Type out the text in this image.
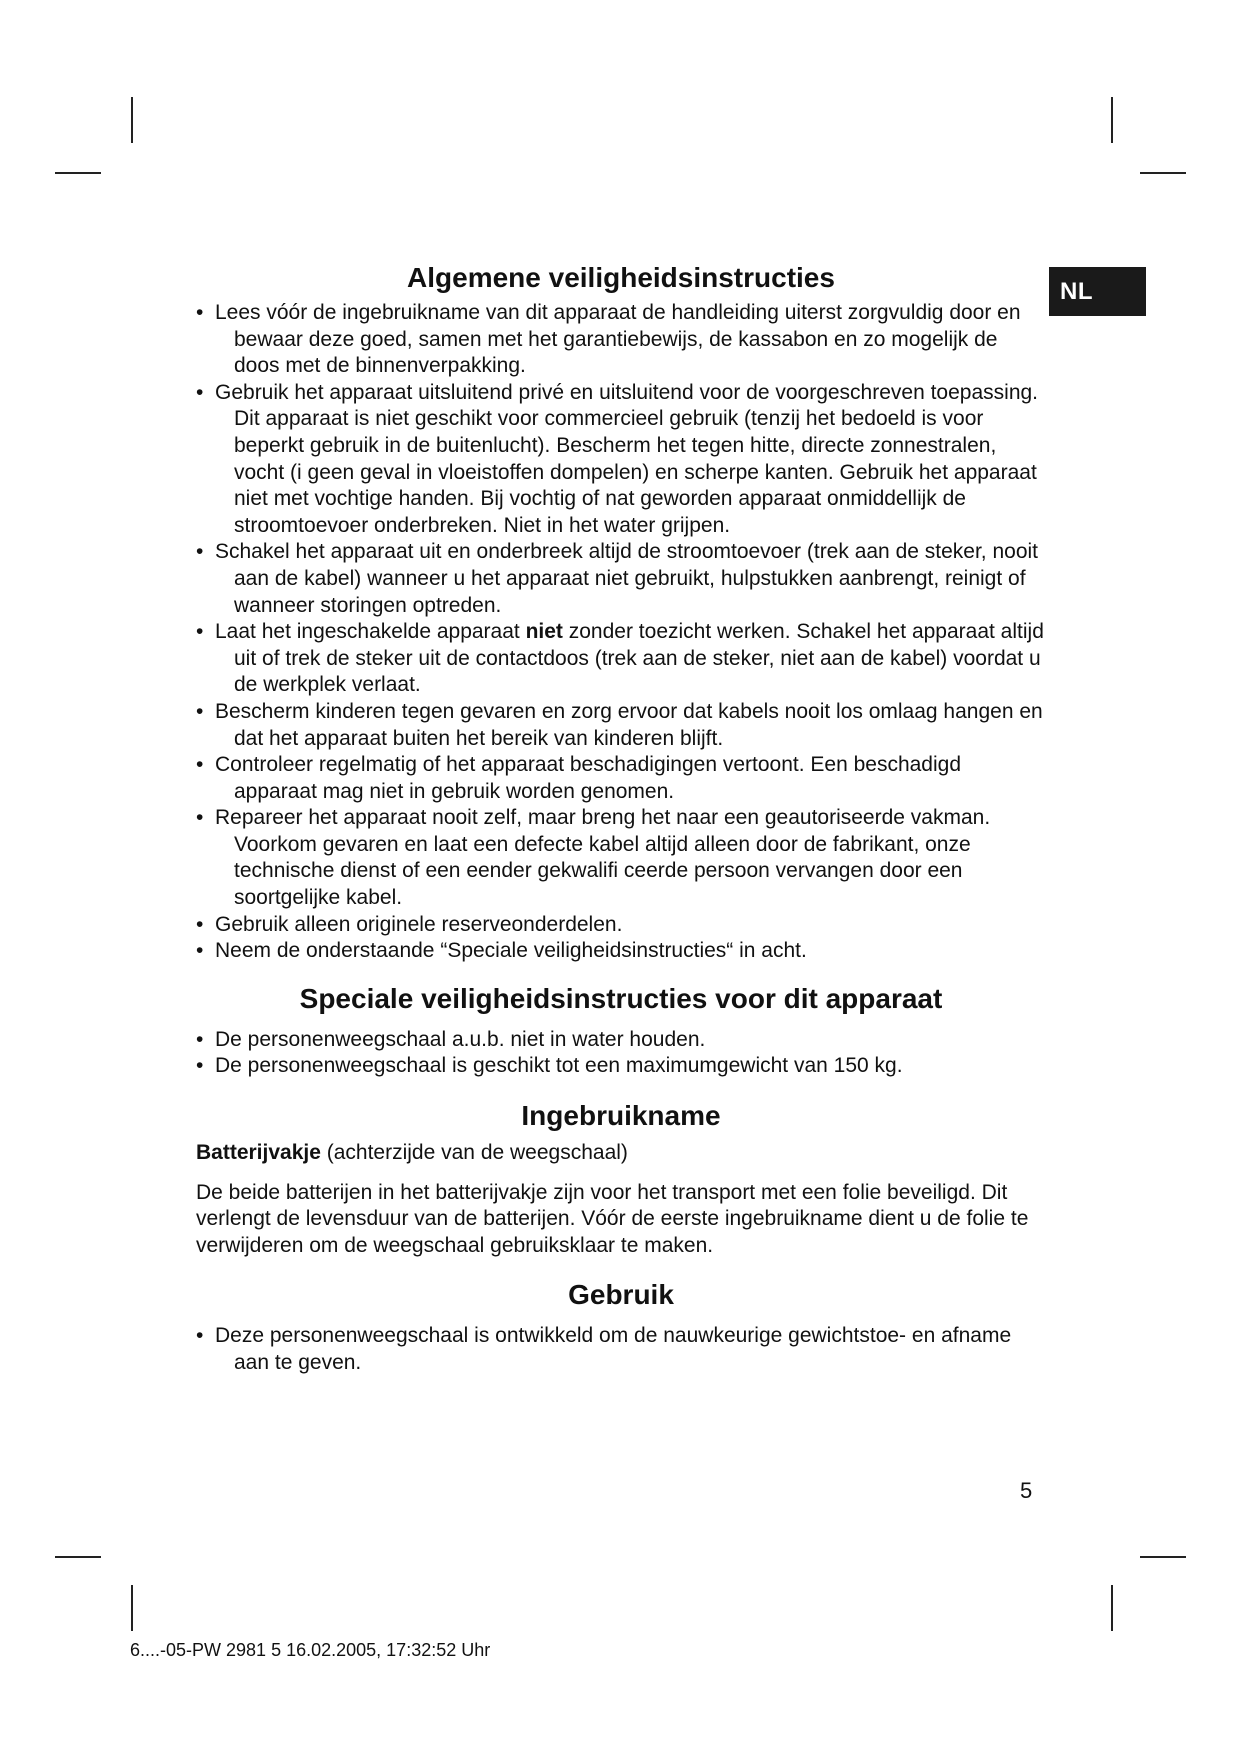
NL
Algemene veiligheidsinstructies
• Lees vóór de ingebruikname van dit apparaat de handleiding uiterst zorgvuldig door en bewaar deze goed, samen met het garantiebewijs, de kassabon en zo mogelijk de doos met de binnenverpakking.
• Gebruik het apparaat uitsluitend privé en uitsluitend voor de voorgeschreven toepassing. Dit apparaat is niet geschikt voor commercieel gebruik (tenzij het bedoeld is voor beperkt gebruik in de buitenlucht). Bescherm het tegen hitte, directe zonnestralen, vocht (i geen geval in vloeistoffen dompelen) en scherpe kanten. Gebruik het apparaat niet met vochtige handen. Bij vochtig of nat geworden apparaat onmiddellijk de stroomtoevoer onderbreken. Niet in het water grijpen.
• Schakel het apparaat uit en onderbreek altijd de stroomtoevoer (trek aan de steker, nooit aan de kabel) wanneer u het apparaat niet gebruikt, hulpstukken aanbrengt, reinigt of wanneer storingen optreden.
• Laat het ingeschakelde apparaat niet zonder toezicht werken. Schakel het apparaat altijd uit of trek de steker uit de contactdoos (trek aan de steker, niet aan de kabel) voordat u de werkplek verlaat.
• Bescherm kinderen tegen gevaren en zorg ervoor dat kabels nooit los omlaag hangen en dat het apparaat buiten het bereik van kinderen blijft.
• Controleer regelmatig of het apparaat beschadigingen vertoont. Een beschadigd apparaat mag niet in gebruik worden genomen.
• Repareer het apparaat nooit zelf, maar breng het naar een geautoriseerde vakman. Voorkom gevaren en laat een defecte kabel altijd alleen door de fabrikant, onze technische dienst of een eender gekwalifi ceerde persoon vervangen door een soortgelijke kabel.
• Gebruik alleen originele reserveonderdelen.
• Neem de onderstaande “Speciale veiligheidsinstructies“ in acht.
Speciale veiligheidsinstructies voor dit apparaat
• De personenweegschaal a.u.b. niet in water houden.
• De personenweegschaal is geschikt tot een maximumgewicht van 150 kg.
Ingebruikname

Batterijvakje (achterzijde van de weegschaal)

De beide batterijen in het batterijvakje zijn voor het transport met een folie beveiligd. Dit verlengt de levensduur van de batterijen. Vóór de eerste ingebruikname dient u de folie te verwijderen om de weegschaal gebruiksklaar te maken.

Gebruik
• Deze personenweegschaal is ontwikkeld om de nauwkeurige gewichtstoe- en afname aan te geven.
5
6....-05-PW 2981 5 16.02.2005, 17:32:52 Uhr
